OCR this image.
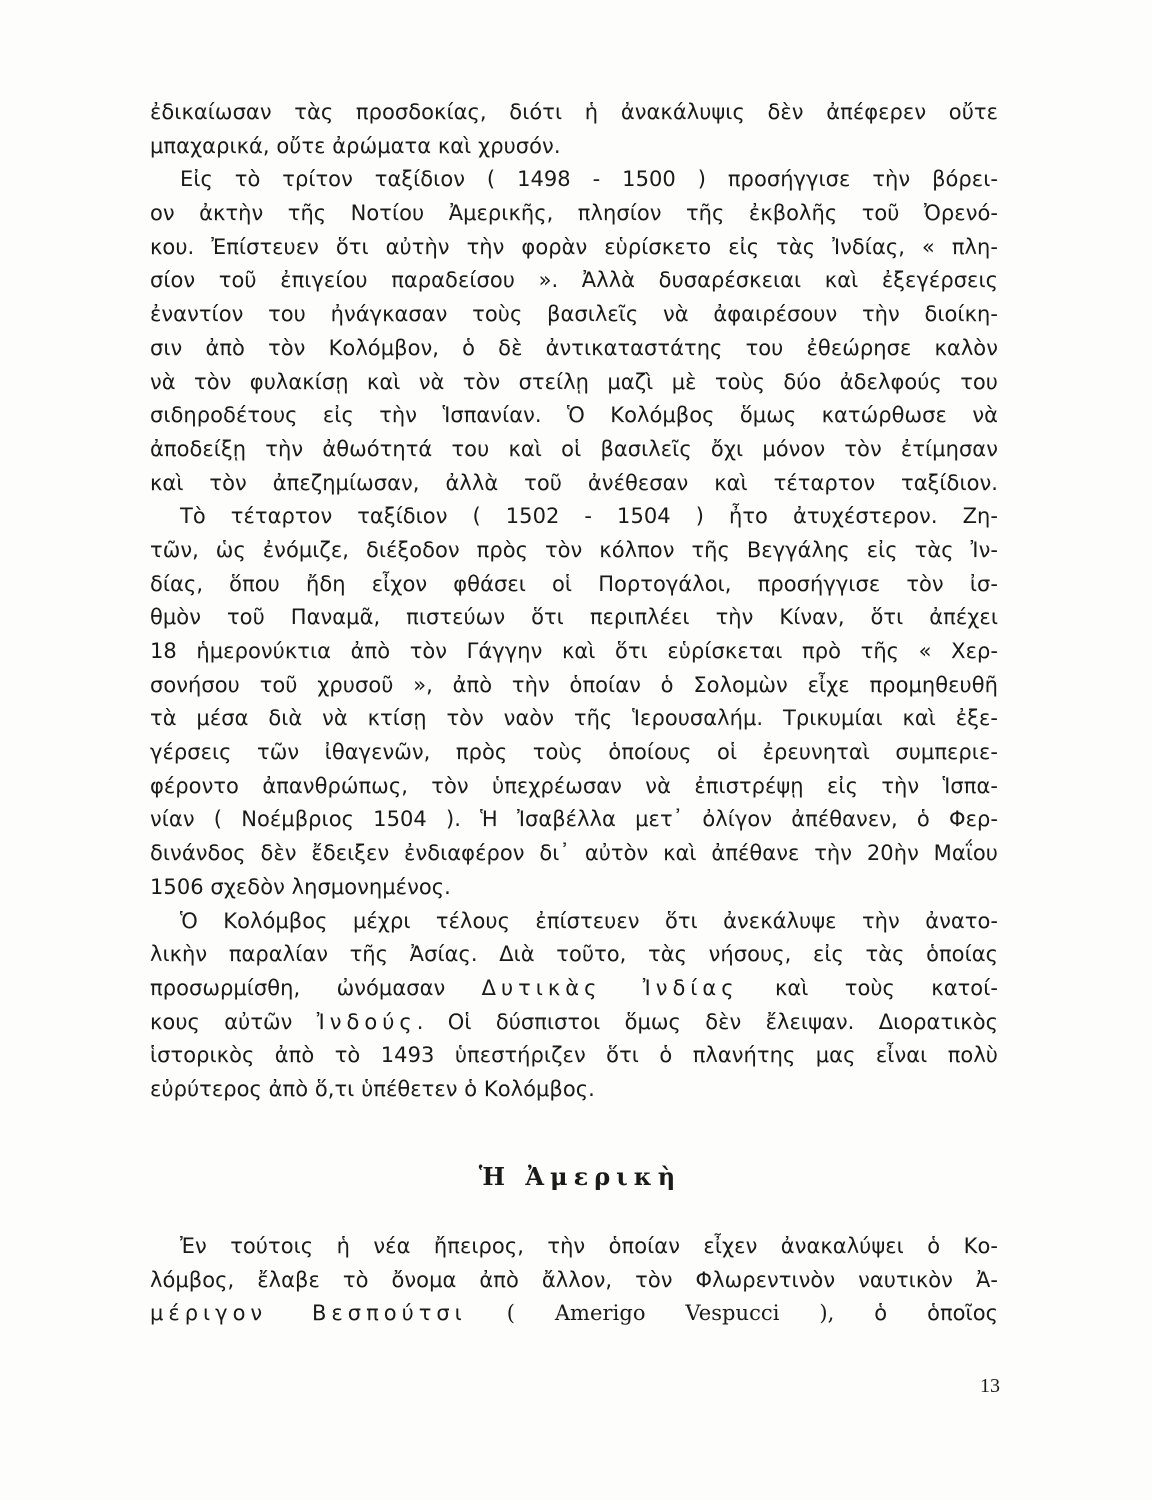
ἐδικαίωσαν τὰς προσδοκίας, διότι ἡ ἀνακάλυψις δὲν ἀπέφερεν οὔτε
μπαχαρικά, οὔτε ἀρώματα καὶ χρυσόν.
Εἰς τὸ τρίτον ταξίδιον ( 1498 - 1500 ) προσήγγισε τὴν βόρει-
ον ἀκτὴν τῆς Νοτίου Ἀμερικῆς, πλησίον τῆς ἐκβολῆς τοῦ Ὀρενό-
κου. Ἐπίστευεν ὅτι αὐτὴν τὴν φορὰν εὑρίσκετο εἰς τὰς Ἰνδίας, « πλη-
σίον τοῦ ἐπιγείου παραδείσου ». Ἀλλὰ δυσαρέσκειαι καὶ ἐξεγέρσεις
ἐναντίον του ἠνάγκασαν τοὺς βασιλεῖς νὰ ἀφαιρέσουν τὴν διοίκη-
σιν ἀπὸ τὸν Κολόμβον, ὁ δὲ ἀντικαταστάτης του ἐθεώρησε καλὸν
νὰ τὸν φυλακίσῃ καὶ νὰ τὸν στείλῃ μαζὶ μὲ τοὺς δύο ἀδελφούς του
σιδηροδέτους εἰς τὴν Ἱσπανίαν. Ὁ Κολόμβος ὅμως κατώρθωσε νὰ
ἀποδείξῃ τὴν ἀθωότητά του καὶ οἱ βασιλεῖς ὄχι μόνον τὸν ἐτίμησαν
καὶ τὸν ἀπεζημίωσαν, ἀλλὰ τοῦ ἀνέθεσαν καὶ τέταρτον ταξίδιον.
Τὸ τέταρτον ταξίδιον ( 1502 - 1504 ) ἦτο ἀτυχέστερον. Ζη-
τῶν, ὡς ἐνόμιζε, διέξοδον πρὸς τὸν κόλπον τῆς Βεγγάλης εἰς τὰς Ἰν-
δίας, ὅπου ἤδη εἶχον φθάσει οἱ Πορτογάλοι, προσήγγισε τὸν ἰσ-
θμὸν τοῦ Παναμᾶ, πιστεύων ὅτι περιπλέει τὴν Κίναν, ὅτι ἀπέχει
18 ἡμερονύκτια ἀπὸ τὸν Γάγγην καὶ ὅτι εὑρίσκεται πρὸ τῆς « Χερ-
σονήσου τοῦ χρυσοῦ », ἀπὸ τὴν ὁποίαν ὁ Σολομὼν εἶχε προμηθευθῆ
τὰ μέσα διὰ νὰ κτίσῃ τὸν ναὸν τῆς Ἱερουσαλήμ. Τρικυμίαι καὶ ἐξε-
γέρσεις τῶν ἰθαγενῶν, πρὸς τοὺς ὁποίους οἱ ἐρευνηταὶ συμπεριε-
φέροντο ἀπανθρώπως, τὸν ὑπεχρέωσαν νὰ ἐπιστρέψῃ εἰς τὴν Ἱσπα-
νίαν ( Νοέμβριος 1504 ). Ἡ Ἰσαβέλλα μετ᾽ ὀλίγον ἀπέθανεν, ὁ Φερ-
δινάνδος δὲν ἔδειξεν ἐνδιαφέρον δι᾽ αὐτὸν καὶ ἀπέθανε τὴν 20ὴν Μαΐου
1506 σχεδὸν λησμονημένος.
Ὁ Κολόμβος μέχρι τέλους ἐπίστευεν ὅτι ἀνεκάλυψε τὴν ἀνατο-
λικὴν παραλίαν τῆς Ἀσίας. Διὰ τοῦτο, τὰς νήσους, εἰς τὰς ὁποίας
προσωρμίσθη, ὠνόμασαν Δυτικὰς Ἰνδίας καὶ τοὺς κατοί-
κους αὐτῶν Ἰνδούς. Οἱ δύσπιστοι ὅμως δὲν ἔλειψαν. Διορατικὸς
ἱστορικὸς ἀπὸ τὸ 1493 ὑπεστήριζεν ὅτι ὁ πλανήτης μας εἶναι πολὺ
εὐρύτερος ἀπὸ ὅ,τι ὑπέθετεν ὁ Κολόμβος.
Ἡ Ἀμερικὴ
Ἐν τούτοις ἡ νέα ἤπειρος, τὴν ὁποίαν εἶχεν ἀνακαλύψει ὁ Κο-
λόμβος, ἔλαβε τὸ ὄνομα ἀπὸ ἄλλον, τὸν Φλωρεντινὸν ναυτικὸν Ἀ-
μέριγον Βεσπούτσι ( Amerigo Vespucci ), ὁ ὁποῖος
13
